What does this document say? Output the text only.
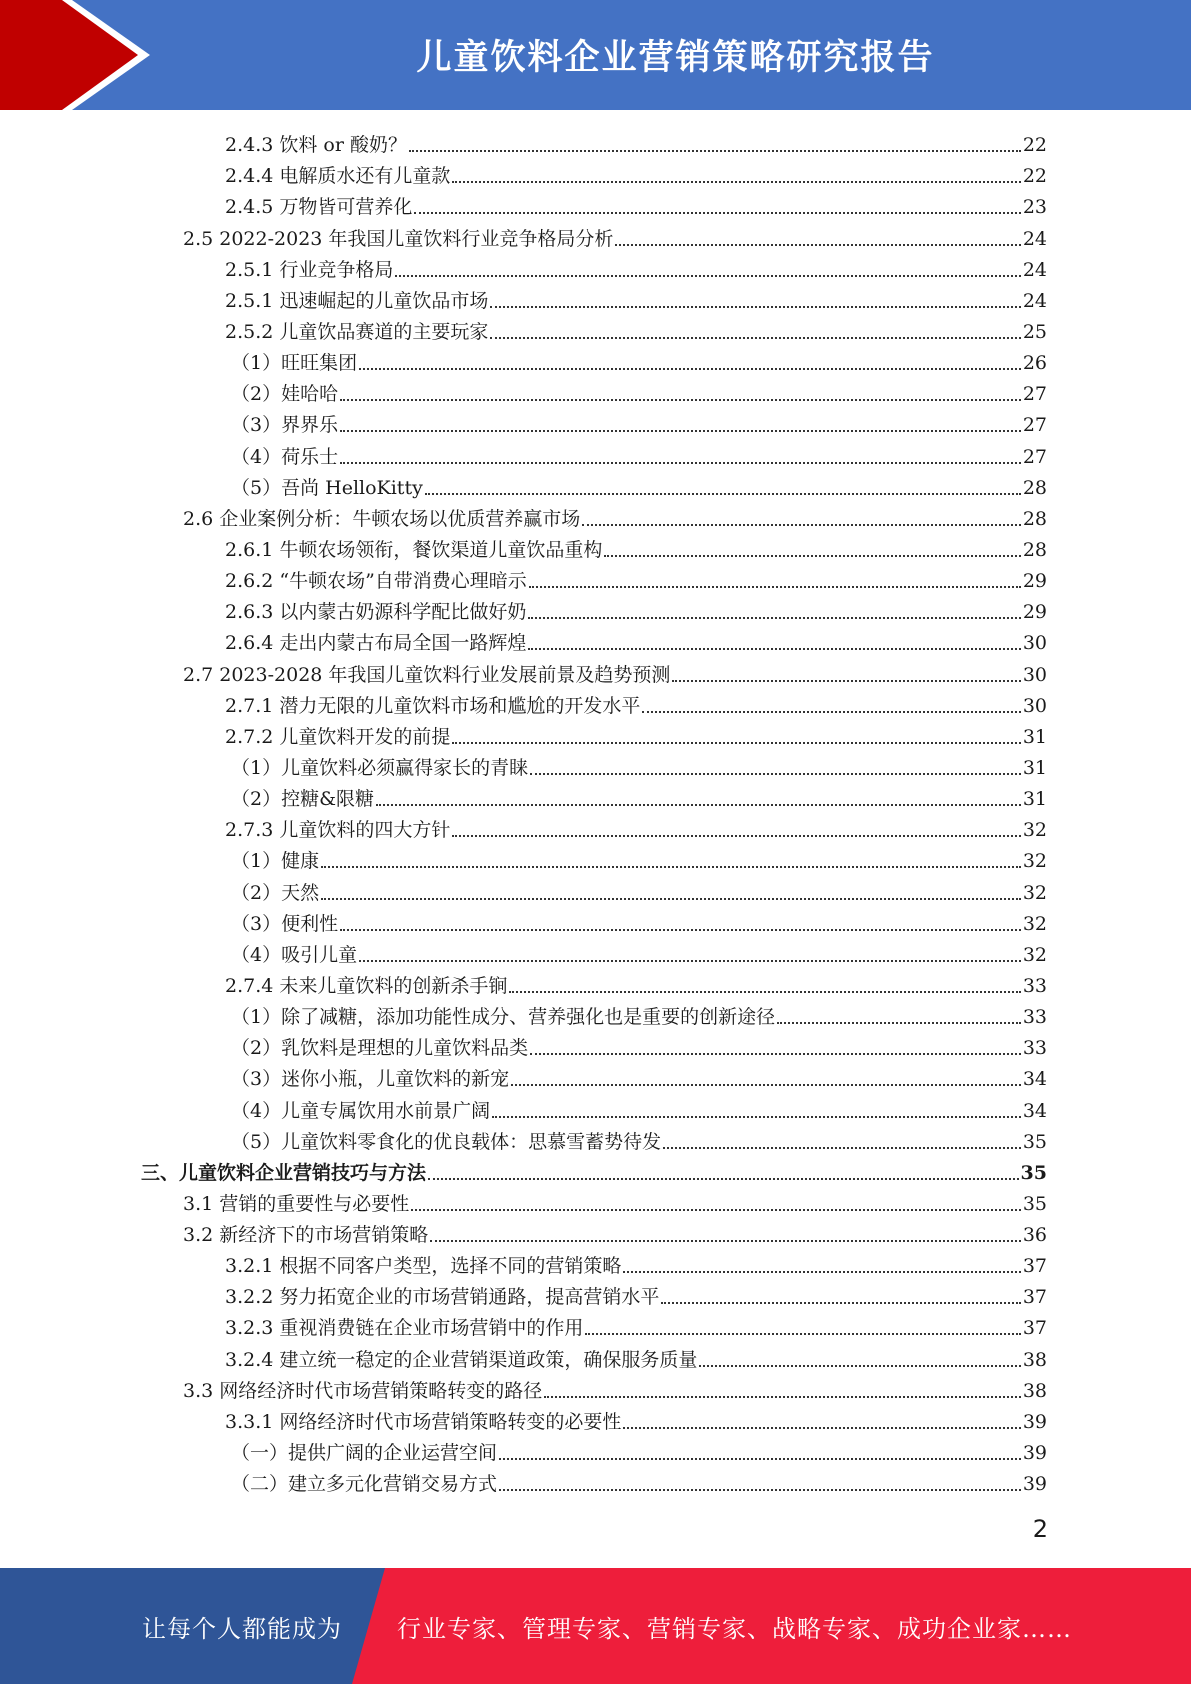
儿童饮料企业营销策略研究报告
2.4.3 饮料 or 酸奶？	22
2.4.4 电解质水还有儿童款	22
2.4.5 万物皆可营养化	23
2.5 2022-2023 年我国儿童饮料行业竞争格局分析	24
2.5.1 行业竞争格局	24
2.5.1 迅速崛起的儿童饮品市场	24
2.5.2 儿童饮品赛道的主要玩家	25
（1）旺旺集团	26
（2）娃哈哈	27
（3）界界乐	27
（4）荷乐士	27
（5）吾尚 HelloKitty	28
2.6 企业案例分析：牛顿农场以优质营养赢市场	28
2.6.1 牛顿农场领衔，餐饮渠道儿童饮品重构	28
2.6.2 “牛顿农场”自带消费心理暗示	29
2.6.3 以内蒙古奶源科学配比做好奶	29
2.6.4 走出内蒙古布局全国一路辉煌	30
2.7 2023-2028 年我国儿童饮料行业发展前景及趋势预测	30
2.7.1 潜力无限的儿童饮料市场和尴尬的开发水平	30
2.7.2 儿童饮料开发的前提	31
（1）儿童饮料必须赢得家长的青睐	31
（2）控糖&限糖	31
2.7.3 儿童饮料的四大方针	32
（1）健康	32
（2）天然	32
（3）便利性	32
（4）吸引儿童	32
2.7.4 未来儿童饮料的创新杀手锏	33
（1）除了减糖，添加功能性成分、营养强化也是重要的创新途径	33
（2）乳饮料是理想的儿童饮料品类	33
（3）迷你小瓶，儿童饮料的新宠	34
（4）儿童专属饮用水前景广阔	34
（5）儿童饮料零食化的优良载体：思慕雪蓄势待发	35
三、儿童饮料企业营销技巧与方法	35
3.1 营销的重要性与必要性	35
3.2 新经济下的市场营销策略	36
3.2.1 根据不同客户类型，选择不同的营销策略	37
3.2.2 努力拓宽企业的市场营销通路，提高营销水平	37
3.2.3 重视消费链在企业市场营销中的作用	37
3.2.4 建立统一稳定的企业营销渠道政策，确保服务质量	38
3.3 网络经济时代市场营销策略转变的路径	38
3.3.1 网络经济时代市场营销策略转变的必要性	39
（一）提供广阔的企业运营空间	39
（二）建立多元化营销交易方式	39
2
让每个人都能成为 行业专家、管理专家、营销专家、战略专家、成功企业家……
